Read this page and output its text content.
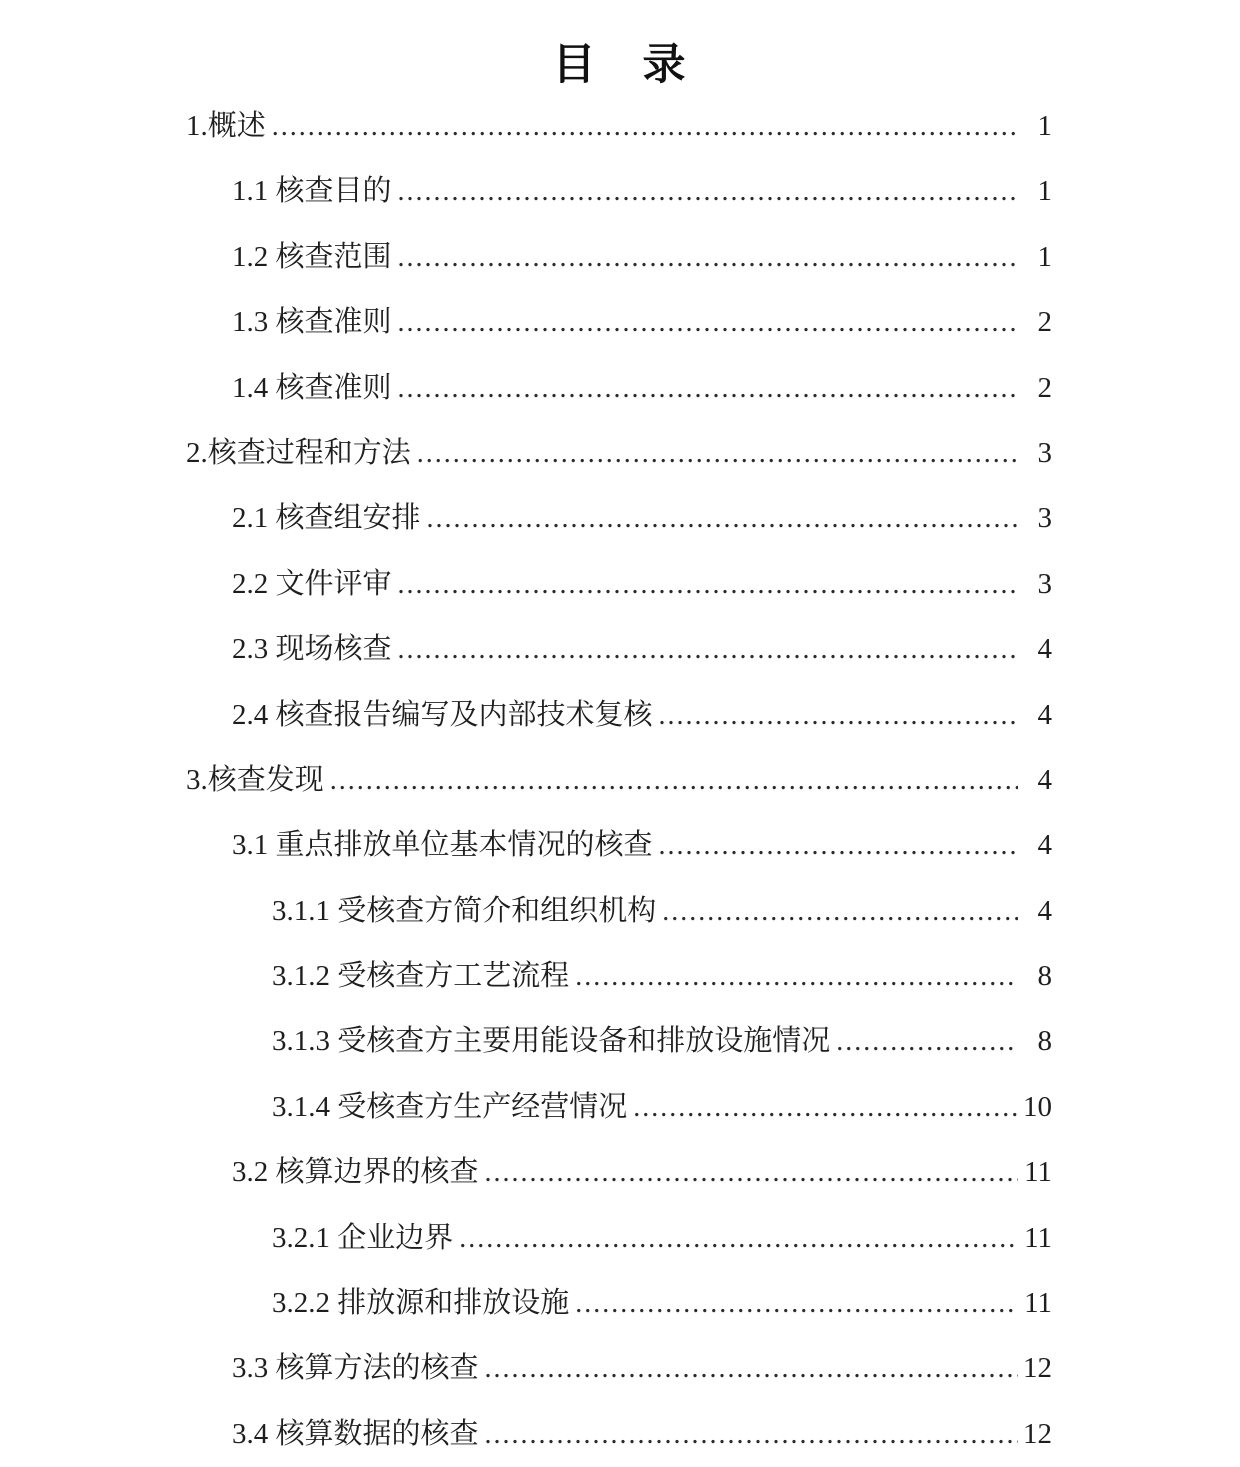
目　录
1.概述 .....	1
1.1 核查目的 .....	1
1.2 核查范围 .....	1
1.3 核查准则 .....	2
1.4 核查准则 .....	2
2.核查过程和方法 .....	3
2.1 核查组安排 .....	3
2.2 文件评审 .....	3
2.3 现场核查 .....	4
2.4 核查报告编写及内部技术复核 .....	4
3.核查发现 .....	4
3.1 重点排放单位基本情况的核查 .....	4
3.1.1 受核查方简介和组织机构 .....	4
3.1.2 受核查方工艺流程 .....	8
3.1.3 受核查方主要用能设备和排放设施情况 .....	8
3.1.4 受核查方生产经营情况 .....	10
3.2 核算边界的核查 .....	11
3.2.1 企业边界 .....	11
3.2.2 排放源和排放设施 .....	11
3.3 核算方法的核查 .....	12
3.4 核算数据的核查 .....	12
